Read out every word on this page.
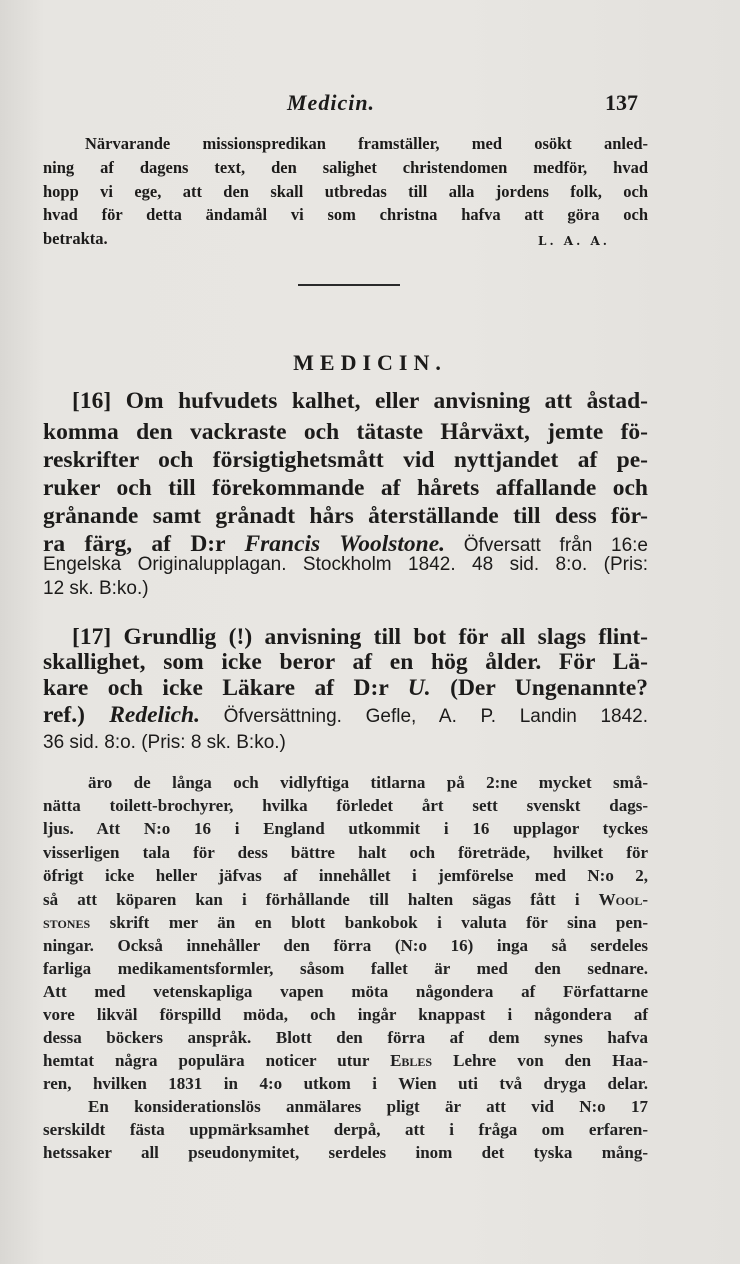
Medicin.	137
Närvarande missionspredikan framställer, med osökt anled-
ning af dagens text, den salighet christendomen medför, hvad
hopp vi ege, att den skall utbredas till alla jordens folk, och
hvad för detta ändamål vi som christna hafva att göra och
betrakta.	L. A. A.
MEDICIN.
[16] Om hufvudets kalhet, eller anvisning att åstad-
komma den vackraste och tätaste Hårväxt, jemte fö-
reskrifter och försigtighetsmått vid nyttjandet af pe-
ruker och till förekommande af hårets affallande och
grånande samt grånadt hårs återställande till dess för-
ra färg, af D:r Francis Woolstone. Öfversatt från 16:e
Engelska Originalupplagan. Stockholm 1842. 48 sid. 8:o. (Pris:
12 sk. B:ko.)
[17] Grundlig (!) anvisning till bot för all slags flint-
skallighet, som icke beror af en hög ålder. För Lä-
kare och icke Läkare af D:r U. (Der Ungenannte?
ref.) Redelich. Öfversättning. Gefle, A. P. Landin 1842.
36 sid. 8:o. (Pris: 8 sk. B:ko.)
äro de långa och vidlyftiga titlarna på 2:ne mycket små-
nätta toilett-brochyrer, hvilka förledet årt sett svenskt dags-
ljus. Att N:o 16 i England utkommit i 16 upplagor tyckes
visserligen tala för dess bättre halt och företräde, hvilket för
öfrigt icke heller jäfvas af innehållet i jemförelse med N:o 2,
så att köparen kan i förhållande till halten sägas fått i Wool-
stones skrift mer än en blott bankobok i valuta för sina pen-
ningar. Också innehåller den förra (N:o 16) inga så serdeles
farliga medikamentsformler, såsom fallet är med den sednare.
Att med vetenskapliga vapen möta någondera af Författarne
vore likväl förspilld möda, och ingår knappast i någondera af
dessa böckers anspråk. Blott den förra af dem synes hafva
hemtat några populära noticer utur Ebles Lehre von den Haa-
ren, hvilken 1831 in 4:o utkom i Wien uti två dryga delar.
En konsiderationslös anmälares pligt är att vid N:o 17
serskildt fästa uppmärksamhet derpå, att i fråga om erfaren-
hetssaker all pseudonymitet, serdeles inom det tyska mång-
